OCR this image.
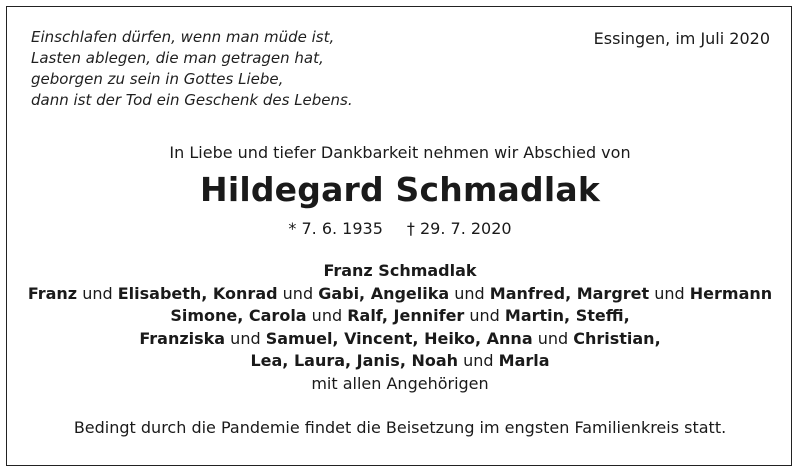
Einschlafen dürfen, wenn man müde ist,
Lasten ablegen, die man getragen hat,
geborgen zu sein in Gottes Liebe,
dann ist der Tod ein Geschenk des Lebens.
Essingen, im Juli 2020
In Liebe und tiefer Dankbarkeit nehmen wir Abschied von
Hildegard Schmadlak
* 7. 6. 1935 † 29. 7. 2020
Franz Schmadlak
Franz und Elisabeth, Konrad und Gabi, Angelika und Manfred, Margret und Hermann
Simone, Carola und Ralf, Jennifer und Martin, Steffi,
Franziska und Samuel, Vincent, Heiko, Anna und Christian,
Lea, Laura, Janis, Noah und Marla
mit allen Angehörigen
Bedingt durch die Pandemie findet die Beisetzung im engsten Familienkreis statt.
